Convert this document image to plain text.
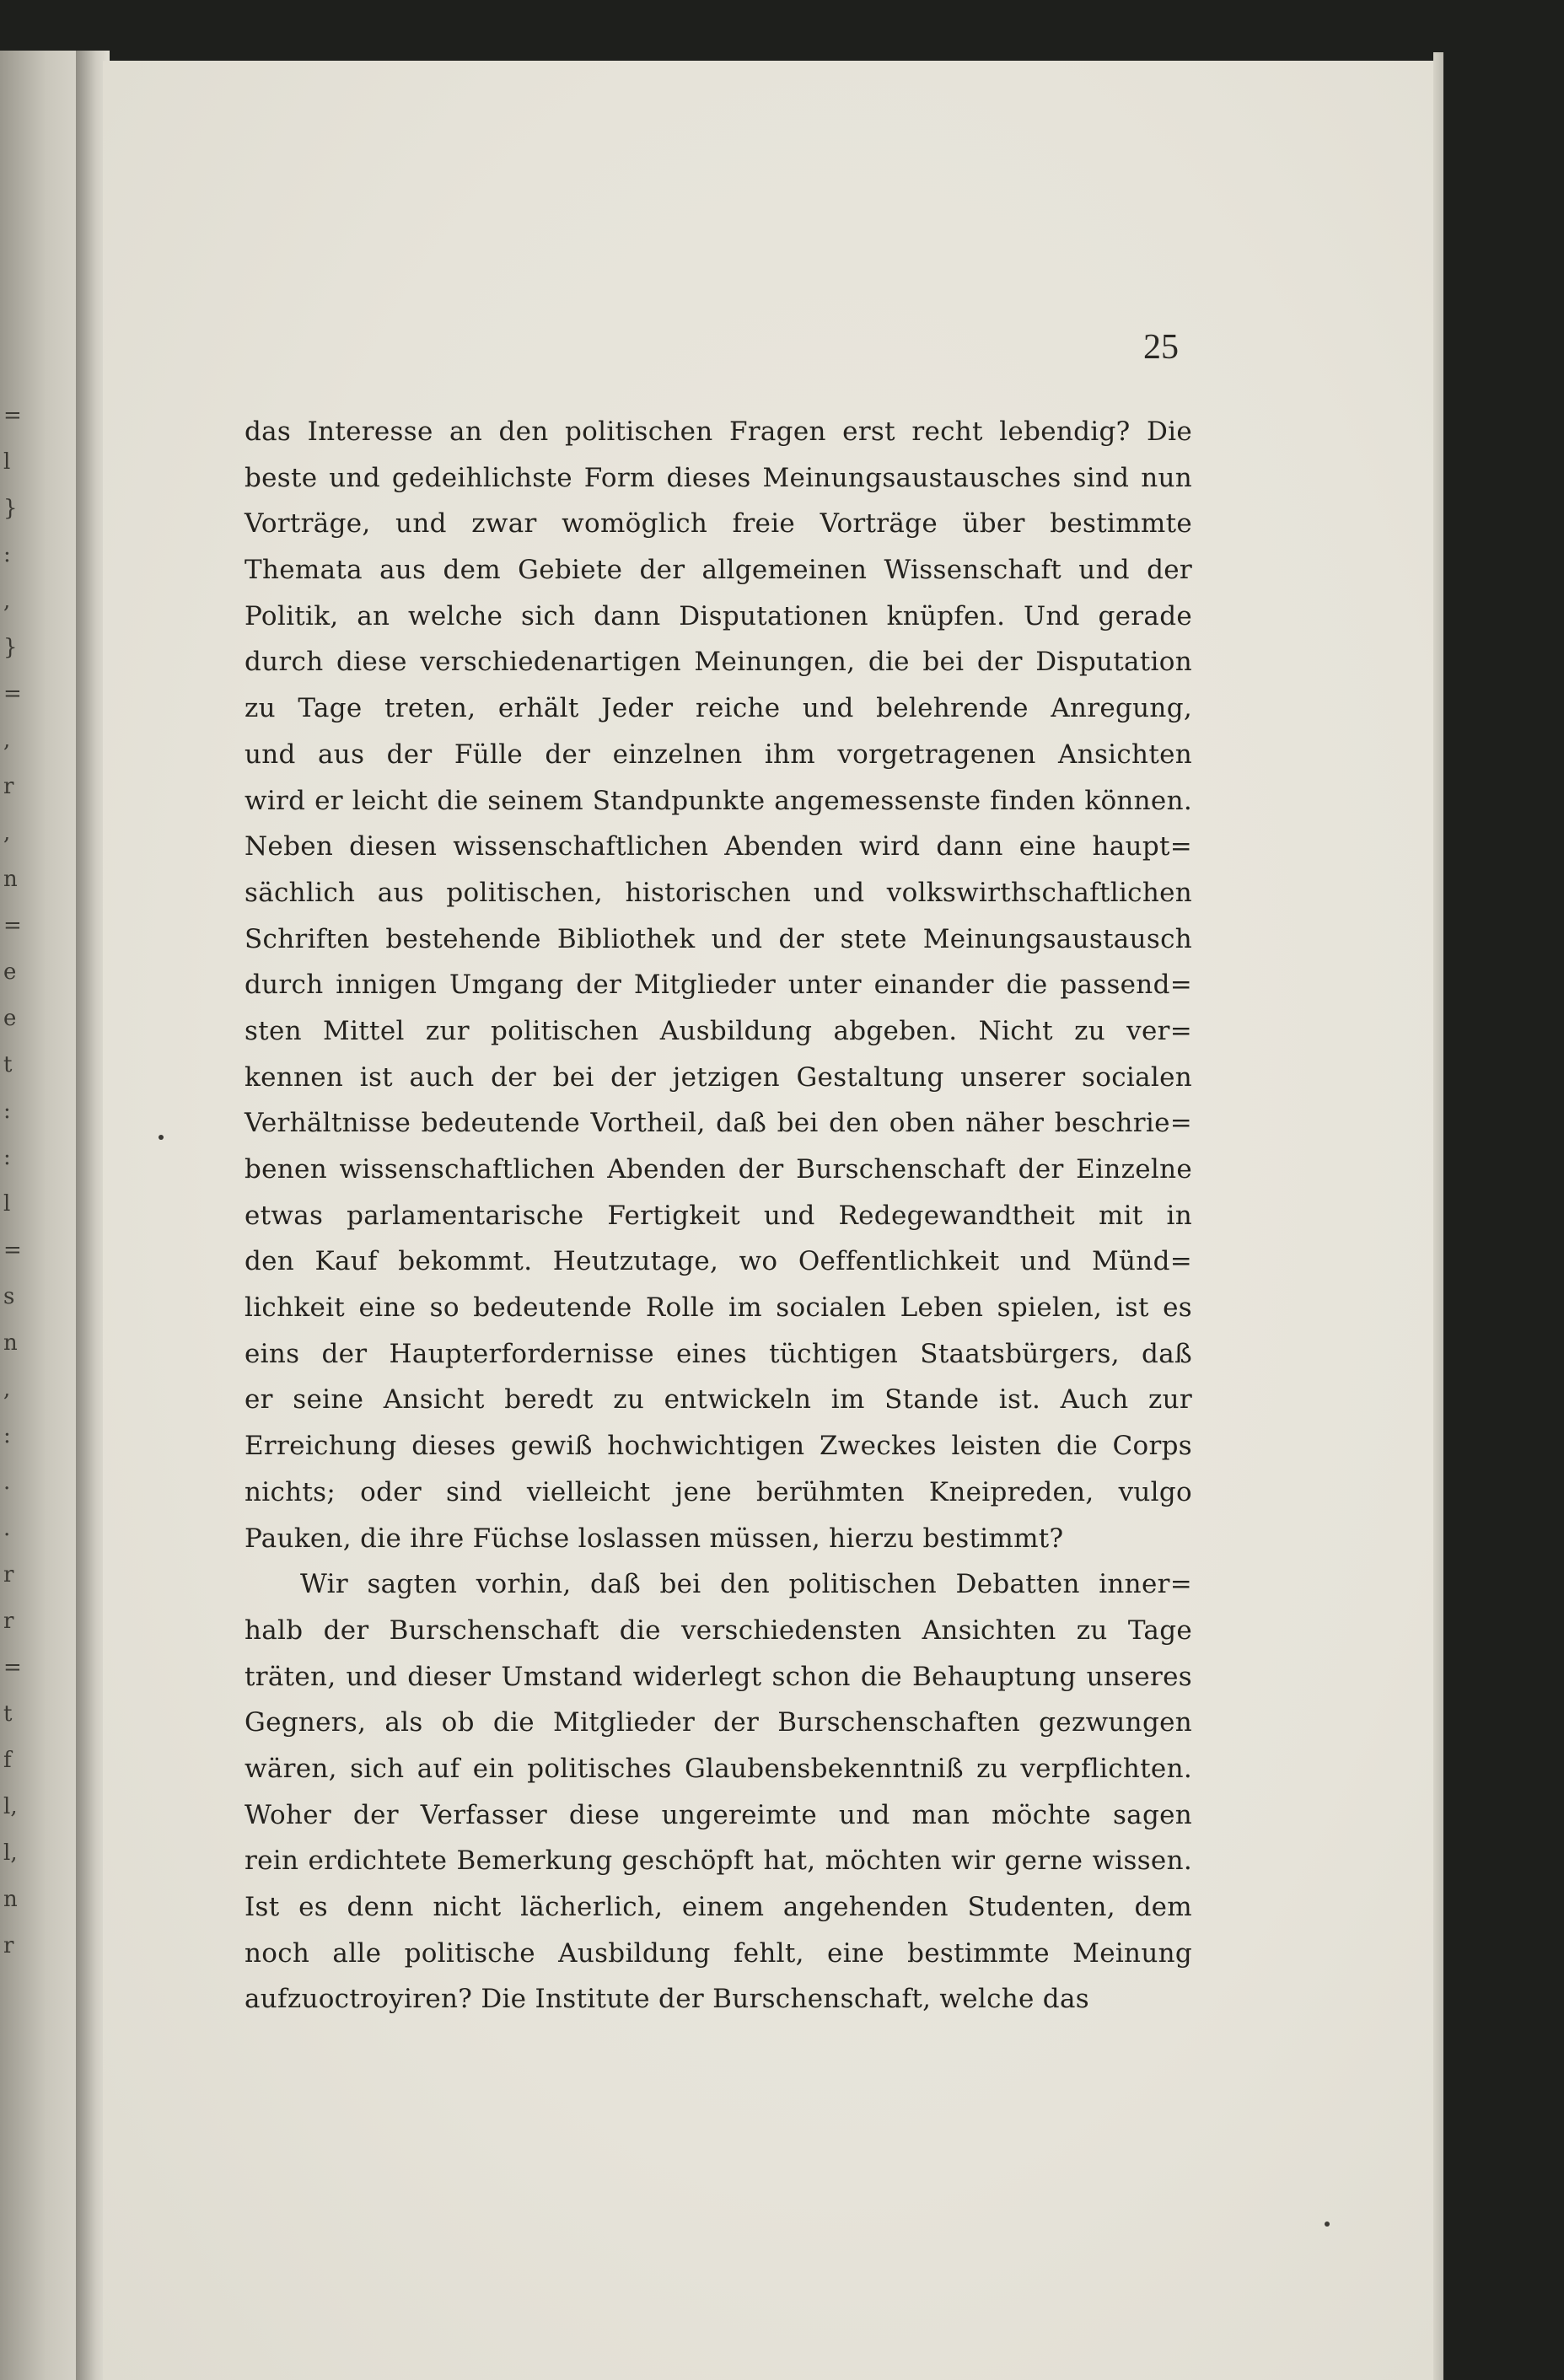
=
l
}
:
,
}
=
,
r
,
n
=
e
e
t
:
:
l
=
s
n
,
:
.
.
r
r
=
t
f
l,
l,
n
r
25
das Interesse an den politischen Fragen erst recht lebendig? Die
beste und gedeihlichste Form dieses Meinungsaustausches sind nun
Vorträge, und zwar womöglich freie Vorträge über bestimmte
Themata aus dem Gebiete der allgemeinen Wissenschaft und der
Politik, an welche sich dann Disputationen knüpfen. Und gerade
durch diese verschiedenartigen Meinungen, die bei der Disputation
zu Tage treten, erhält Jeder reiche und belehrende Anregung,
und aus der Fülle der einzelnen ihm vorgetragenen Ansichten
wird er leicht die seinem Standpunkte angemessenste finden können.
Neben diesen wissenschaftlichen Abenden wird dann eine haupt=
sächlich aus politischen, historischen und volkswirthschaftlichen
Schriften bestehende Bibliothek und der stete Meinungsaustausch
durch innigen Umgang der Mitglieder unter einander die passend=
sten Mittel zur politischen Ausbildung abgeben. Nicht zu ver=
kennen ist auch der bei der jetzigen Gestaltung unserer socialen
Verhältnisse bedeutende Vortheil, daß bei den oben näher beschrie=
benen wissenschaftlichen Abenden der Burschenschaft der Einzelne
etwas parlamentarische Fertigkeit und Redegewandtheit mit in
den Kauf bekommt. Heutzutage, wo Oeffentlichkeit und Münd=
lichkeit eine so bedeutende Rolle im socialen Leben spielen, ist es
eins der Haupterfordernisse eines tüchtigen Staatsbürgers, daß
er seine Ansicht beredt zu entwickeln im Stande ist. Auch zur
Erreichung dieses gewiß hochwichtigen Zweckes leisten die Corps
nichts; oder sind vielleicht jene berühmten Kneipreden, vulgo
Pauken, die ihre Füchse loslassen müssen, hierzu bestimmt?
Wir sagten vorhin, daß bei den politischen Debatten inner=
halb der Burschenschaft die verschiedensten Ansichten zu Tage
träten, und dieser Umstand widerlegt schon die Behauptung unseres
Gegners, als ob die Mitglieder der Burschenschaften gezwungen
wären, sich auf ein politisches Glaubensbekenntniß zu verpflichten.
Woher der Verfasser diese ungereimte und man möchte sagen
rein erdichtete Bemerkung geschöpft hat, möchten wir gerne wissen.
Ist es denn nicht lächerlich, einem angehenden Studenten, dem
noch alle politische Ausbildung fehlt, eine bestimmte Meinung
aufzuoctroyiren? Die Institute der Burschenschaft, welche das
